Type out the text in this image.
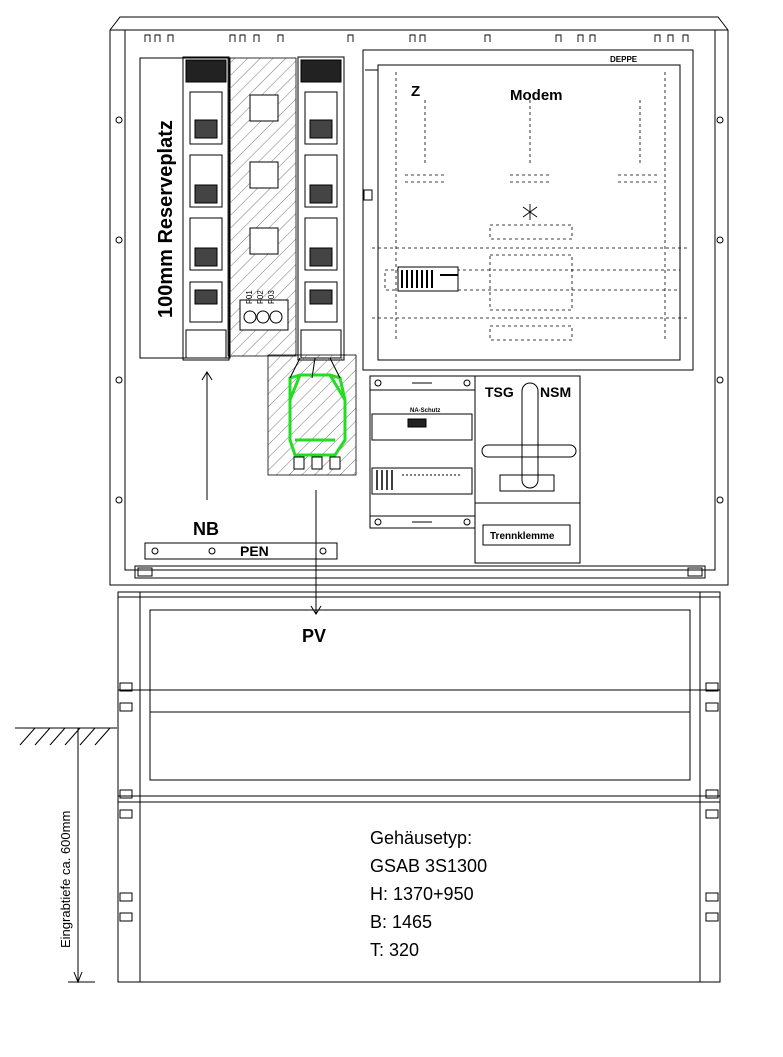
100mm Reserveplatz	F01 F02 F03
Z	Modem
DEPPE
NB
PEN
PV
NA-Schutz
TSG NSM
Trennklemme
Eingrabtiefe ca. 600mm	Gehäusetyp:
GSAB 3S1300
H: 1370+950
B: 1465
T: 320
